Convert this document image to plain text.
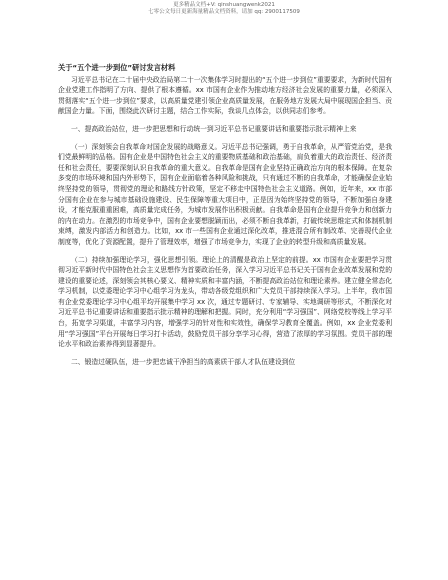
更多精品文档+V: qinshuangwenk2021
七零公文每日更新海量精品文档资料，请加 qq: 2900117509
关于“五个进一步到位”研讨发言材料

习近平总书记在二十届中央政治局第二十一次集体学习时提出的“五个进一步到位”重要要求，为新时代国有企业党建工作指明了方向、提供了根本遵循。xx 市国有企业作为推动地方经济社会发展的重要力量，必须深入贯彻落实“五个进一步到位”要求，以高质量党建引领企业高质量发展，在服务地方发展大局中展现国企担当、贡献国企力量。下面，围绕此次研讨主题，结合工作实际，我谈几点体会，以供同志们参考。

一、提高政治站位，进一步把思想和行动统一到习近平总书记重要讲话和重要指示批示精神上来

（一）深刻领会自我革命对国企发展的战略意义。习近平总书记强调，勇于自我革命，从严管党治党，是我们党最鲜明的品格。国有企业是中国特色社会主义的重要物质基础和政治基础，肩负着重大的政治责任、经济责任和社会责任，要要深刻认识自我革命的重大意义。自我革命是国有企业坚持正确政治方向的根本保障。在复杂多变的市场环境和国内外形势下，国有企业面临着各种风险和挑战，只有通过不断的自我革命，才能确保企业始终坚持党的领导，贯彻党的理论和路线方针政策，坚定不移走中国特色社会主义道路。例如，近年来，xx 市部分国有企业在参与城市基础设施建设、民生保障等重大项目中，正是因为始终坚持党的领导，不断加强自身建设，才能克服重重困难，高质量完成任务，为城市发展作出积极贡献。自我革命是国有企业提升竞争力和创新力的内在动力。在激烈的市场竞争中，国有企业要想脱颖而出，必须不断自我革新，打破传统思维定式和体制机制束缚，激发内部活力和创造力。比如，xx 市一些国有企业通过深化改革，推进混合所有制改革、完善现代企业制度等，优化了资源配置，提升了管理效率，增强了市场竞争力，实现了企业的转型升级和高质量发展。

（二）持续加强理论学习，强化思想引领。理论上的清醒是政治上坚定的前提。xx 市国有企业要把学习贯彻习近平新时代中国特色社会主义思想作为首要政治任务，深入学习习近平总书记关于国有企业改革发展和党的建设的重要论述，深刻领会其核心要义、精神实质和丰富内涵，不断提高政治站位和理论素养。建立健全常态化学习机制，以党委理论学习中心组学习为龙头，带动各级党组织和广大党员干部持续深入学习。上半年，我市国有企业党委理论学习中心组平均开展集中学习 xx 次，通过专题研讨、专家辅导、实地调研等形式，不断深化对习近平总书记重要讲话和重要指示批示精神的理解和把握。同时，充分利用“学习强国”、网络党校等线上学习平台，拓宽学习渠道，丰富学习内容，增强学习的针对性和实效性，确保学习教育全覆盖。例如，xx 企业党委利用“学习强国”平台开展每日学习打卡活动，鼓励党员干部分享学习心得，营造了浓厚的学习氛围。党员干部的理论水平和政治素养得到显著提升。

二、锻造过硬队伍，进一步把忠诚干净担当的高素质干部人才队伍建设到位
